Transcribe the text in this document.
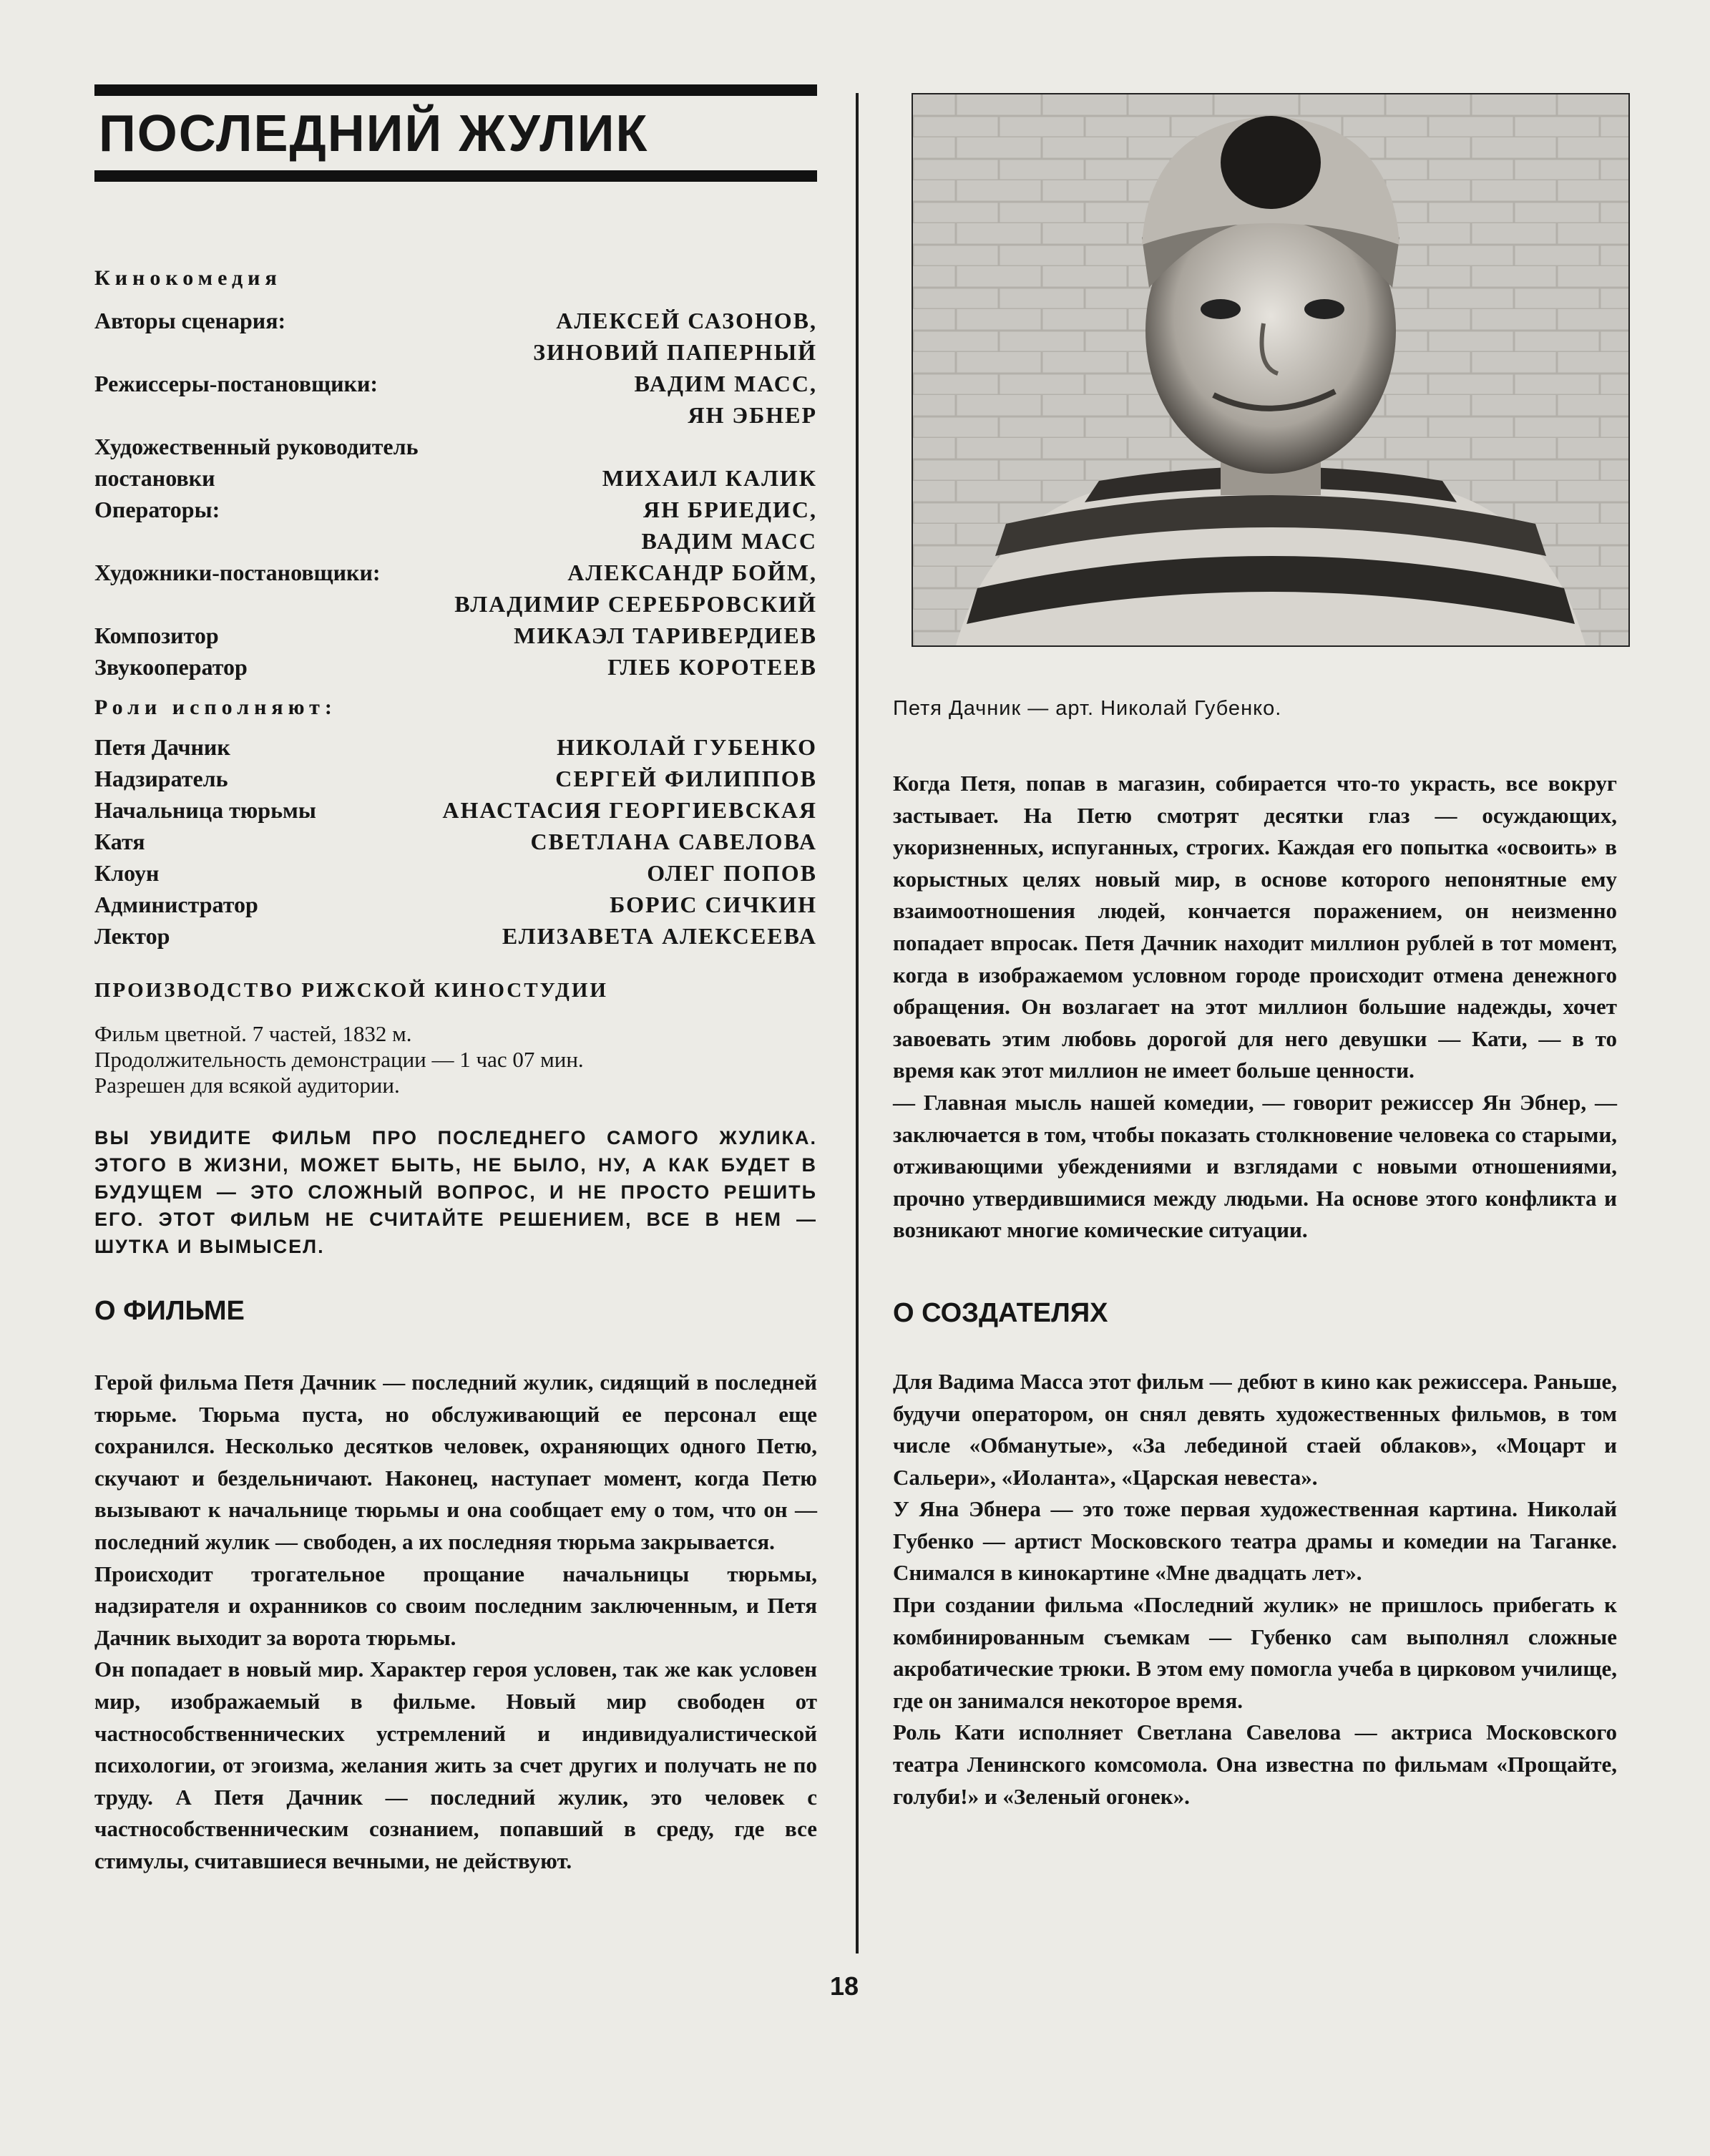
ПОСЛЕДНИЙ ЖУЛИК
Кинокомедия
Авторы сценария:	АЛЕКСЕЙ САЗОНОВ,
ЗИНОВИЙ ПАПЕРНЫЙ
Режиссеры-постановщики:	ВАДИМ МАСС,
ЯН ЭБНЕР
Художественный руководитель
постановки	МИХАИЛ КАЛИК
Операторы:	ЯН БРИЕДИС,
ВАДИМ МАСС
Художники-постановщики:	АЛЕКСАНДР БОЙМ,
ВЛАДИМИР СЕРЕБРОВСКИЙ
Композитор	МИКАЭЛ ТАРИВЕРДИЕВ
Звукооператор	ГЛЕБ КОРОТЕЕВ
Роли исполняют:
Петя Дачник	НИКОЛАЙ ГУБЕНКО
Надзиратель	СЕРГЕЙ ФИЛИППОВ
Начальница тюрьмы	АНАСТАСИЯ ГЕОРГИЕВСКАЯ
Катя	СВЕТЛАНА САВЕЛОВА
Клоун	ОЛЕГ ПОПОВ
Администратор	БОРИС СИЧКИН
Лектор	ЕЛИЗАВЕТА АЛЕКСЕЕВА
ПРОИЗВОДСТВО РИЖСКОЙ КИНОСТУДИИ
Фильм цветной. 7 частей, 1832 м.
Продолжительность демонстрации — 1 час 07 мин.
Разрешен для всякой аудитории.
ВЫ УВИДИТЕ ФИЛЬМ ПРО ПОСЛЕДНЕГО САМОГО ЖУЛИКА. ЭТОГО В ЖИЗНИ, МОЖЕТ БЫТЬ, НЕ БЫЛО, НУ, А КАК БУДЕТ В БУДУЩЕМ — ЭТО СЛОЖНЫЙ ВОПРОС, И НЕ ПРОСТО РЕШИТЬ ЕГО. ЭТОТ ФИЛЬМ НЕ СЧИТАЙТЕ РЕШЕНИЕМ, ВСЕ В НЕМ — ШУТКА И ВЫМЫСЕЛ.
О ФИЛЬМЕ

Герой фильма Петя Дачник — последний жулик, сидящий в последней тюрьме. Тюрьма пуста, но обслуживающий ее персонал еще сохранился. Несколько десятков человек, охраняющих одного Петю, скучают и бездельничают. Наконец, наступает момент, когда Петю вызывают к начальнице тюрьмы и она сообщает ему о том, что он — последний жулик — свободен, а их последняя тюрьма закрывается.

Происходит трогательное прощание начальницы тюрьмы, надзирателя и охранников со своим последним заключенным, и Петя Дачник выходит за ворота тюрьмы.

Он попадает в новый мир. Характер героя условен, так же как условен мир, изображаемый в фильме. Новый мир свободен от частнособственнических устремлений и индивидуалистической психологии, от эгоизма, желания жить за счет других и получать не по труду. А Петя Дачник — последний жулик, это человек с частнособственническим сознанием, попавший в среду, где все стимулы, считавшиеся вечными, не действуют.

Петя Дачник — арт. Николай Губенко.

Когда Петя, попав в магазин, собирается что-то украсть, все вокруг застывает. На Петю смотрят десятки глаз — осуждающих, укоризненных, испуганных, строгих. Каждая его попытка «освоить» в корыстных целях новый мир, в основе которого непонятные ему взаимоотношения людей, кончается поражением, он неизменно попадает впросак. Петя Дачник находит миллион рублей в тот момент, когда в изображаемом условном городе происходит отмена денежного обращения. Он возлагает на этот миллион большие надежды, хочет завоевать этим любовь дорогой для него девушки — Кати, — в то время как этот миллион не имеет больше ценности.

— Главная мысль нашей комедии, — говорит режиссер Ян Эбнер, — заключается в том, чтобы показать столкновение человека со старыми, отживающими убеждениями и взглядами с новыми отношениями, прочно утвердившимися между людьми. На основе этого конфликта и возникают многие комические ситуации.

О СОЗДАТЕЛЯХ

Для Вадима Масса этот фильм — дебют в кино как режиссера. Раньше, будучи оператором, он снял девять художественных фильмов, в том числе «Обманутые», «За лебединой стаей облаков», «Моцарт и Сальери», «Иоланта», «Царская невеста».

У Яна Эбнера — это тоже первая художественная картина. Николай Губенко — артист Московского театра драмы и комедии на Таганке. Снимался в кинокартине «Мне двадцать лет».

При создании фильма «Последний жулик» не пришлось прибегать к комбинированным съемкам — Губенко сам выполнял сложные акробатические трюки. В этом ему помогла учеба в цирковом училище, где он занимался некоторое время.

Роль Кати исполняет Светлана Савелова — актриса Московского театра Ленинского комсомола. Она известна по фильмам «Прощайте, голуби!» и «Зеленый огонек».

18
